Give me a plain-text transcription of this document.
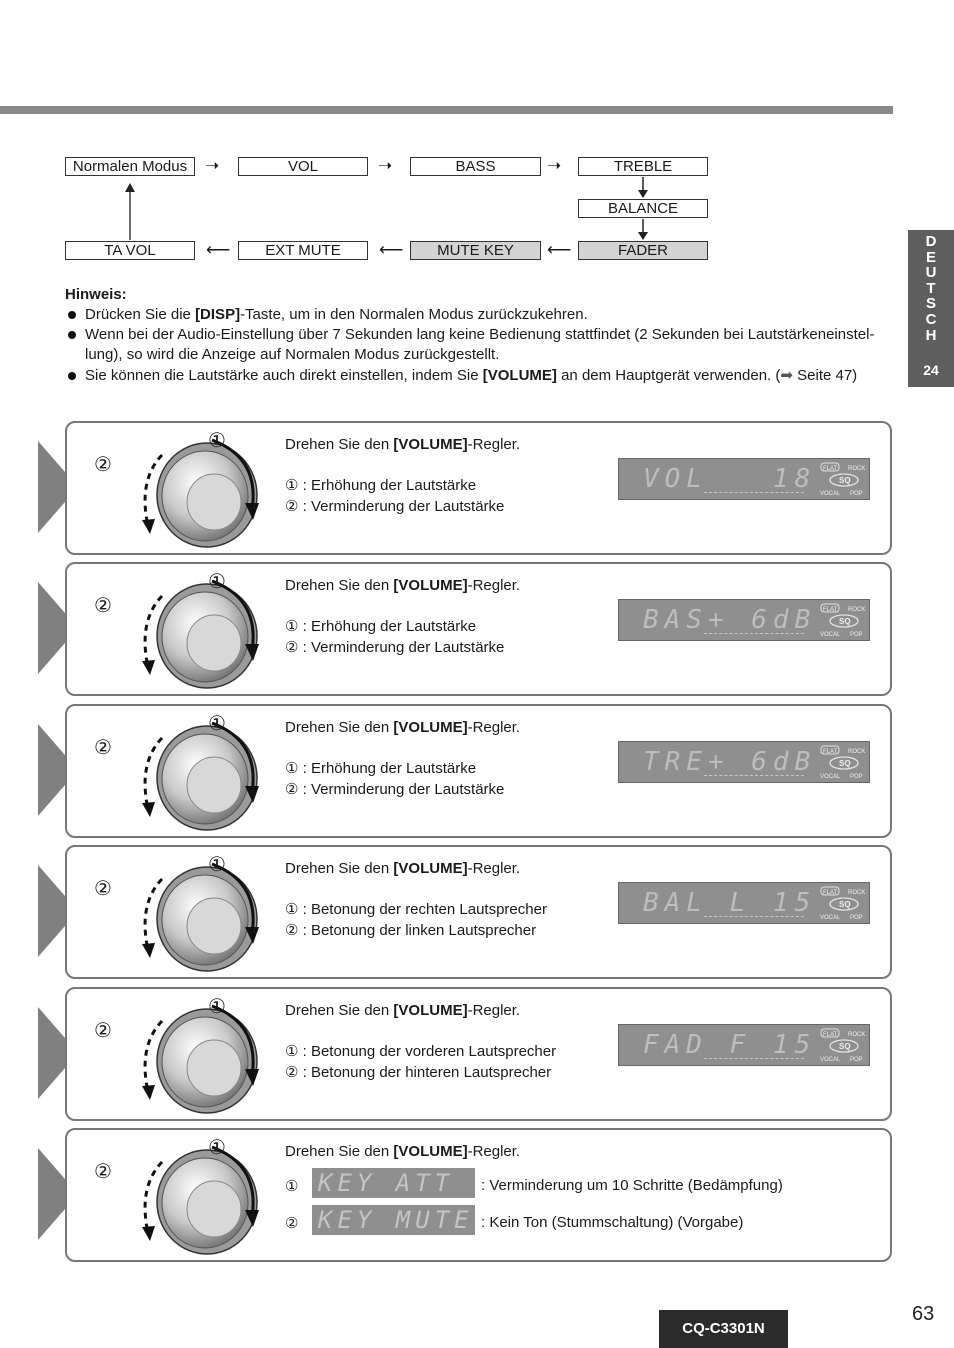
Normalen Modus	VOL	BASS	TREBLE
BALANCE
FADER
MUTE KEY
EXT MUTE
TA VOL
➝	➝	➝
⟵	⟵	⟵	D
E
U
T
S
C
H
24
Hinweis:
Drücken Sie die [DISP]-Taste, um in den Normalen Modus zurückzukehren.
Wenn bei der Audio-Einstellung über 7 Sekunden lang keine Bedienung stattfindet (2 Sekunden bei Lautstärkeneinstel-lung), so wird die Anzeige auf Normalen Modus zurückgestellt.
Sie können die Lautstärke auch direkt einstellen, indem Sie [VOLUME] an dem Hauptgerät verwenden. (➡ Seite 47)
①
②
Drehen Sie den [VOLUME]-Regler.
① : Erhöhung der Lautstärke
② : Verminderung der Lautstärke
VOL   18 FLAT ROCK
SQ
VOCAL POP
①
②
Drehen Sie den [VOLUME]-Regler.
① : Erhöhung der Lautstärke
② : Verminderung der Lautstärke
BAS+ 6dB FLAT ROCK
SQ
VOCAL POP
①
②
Drehen Sie den [VOLUME]-Regler.
① : Erhöhung der Lautstärke
② : Verminderung der Lautstärke
TRE+ 6dB FLAT ROCK
SQ
VOCAL POP
①
②
Drehen Sie den [VOLUME]-Regler.
① : Betonung der rechten Lautsprecher
② : Betonung der linken Lautsprecher
BAL L 15 FLAT ROCK
SQ
VOCAL POP
①
②
Drehen Sie den [VOLUME]-Regler.
① : Betonung der vorderen Lautsprecher
② : Betonung der hinteren Lautsprecher
FAD F 15 FLAT ROCK
SQ
VOCAL POP
①
②
Drehen Sie den [VOLUME]-Regler.
① KEY ATT : Verminderung um 10 Schritte (Bedämpfung)
② KEY MUTE : Kein Ton (Stummschaltung) (Vorgabe)
CQ-C3301N
63
